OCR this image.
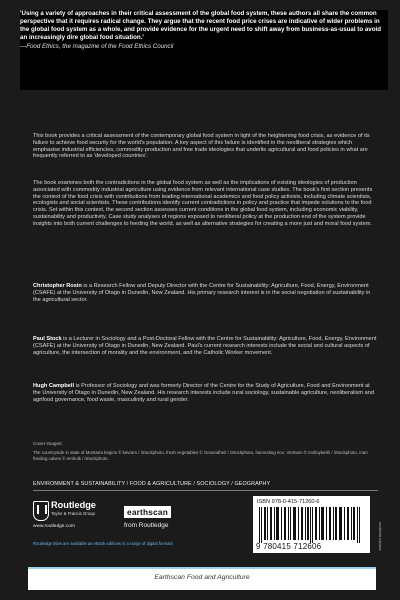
'Using a variety of approaches in their critical assessment of the global food system, these authors all share the common perspective that it requires radical change. They argue that the recent food price crises are indicative of wider problems in the global food system as a whole, and provide evidence for the urgent need to shift away from business-as-usual to avoid an increasingly dire global food situation.'

—Food Ethics, the magazine of the Food Ethics Council

This book provides a critical assessment of the contemporary global food system in light of the heightening food crisis, as evidence of its failure to achieve food security for the world's population. A key aspect of this failure is identified in the neoliberal strategies which emphasise industrial efficiencies, commodity production and free trade ideologies that underlie agricultural and food policies in what are frequently referred to as 'developed countries'.

The book examines both the contradictions in the global food system as well as the implications of existing ideologies of production associated with commodity industrial agriculture using evidence from relevant international case studies. The book's first section presents the context of the food crisis with contributions from leading international academics and food policy activists, including climate scientists, ecologists and social scientists. These contributions identify current contradictions in policy and practice that impede solutions to the food crisis. Set within this context, the second section assesses current conditions in the global food system, including economic viability, sustainability and productivity. Case study analyses of regions exposed to neoliberal policy at the production end of the system provide insights into both current challenges to feeding the world, as well as alternative strategies for creating a more just and moral food system.

Christopher Rosin is a Research Fellow and Deputy Director with the Centre for Sustainability: Agriculture, Food, Energy, Environment (CSAFE) at the University of Otago in Dunedin, New Zealand. His primary research interest is in the social negotiation of sustainability in the agricultural sector.

Paul Stock is a Lecturer in Sociology and a Post-Doctoral Fellow with the Centre for Sustainability: Agriculture, Food, Energy, Environment (CSAFE) at the University of Otago in Dunedin, New Zealand. Paul's current research interests include the social and cultural aspects of agriculture, the intersection of morality and the environment, and the Catholic Worker movement.

Hugh Campbell is Professor of Sociology and was formerly Director of the Centre for the Study of Agriculture, Food and Environment at the University of Otago in Dunedin, New Zealand. His research interests include rural sociology, sustainable agriculture, neoliberalism and agrifood governance, food waste, masculinity and rural gender.

Cover images:

The countryside in state of Montana begins © kavram / iStockphoto, fresh vegetables © Gesundheit / iStockphoto, harvesting rice, Vietnam © molloykeith / iStockphoto, man feeding calves © emholk / iStockphoto.

ENVIRONMENT & SUSTAINABILITY / FOOD & AGRICULTURE / SOCIOLOGY / GEOGRAPHY
Routledge
Taylor & Francis Group
www.routledge.com
earthscan
from Routledge
ISBN 978-0-415-71260-6
9 780415 712606	an informa business
Routledge titles are available as eBook editions in a range of digital formats
Earthscan Food and Agriculture
